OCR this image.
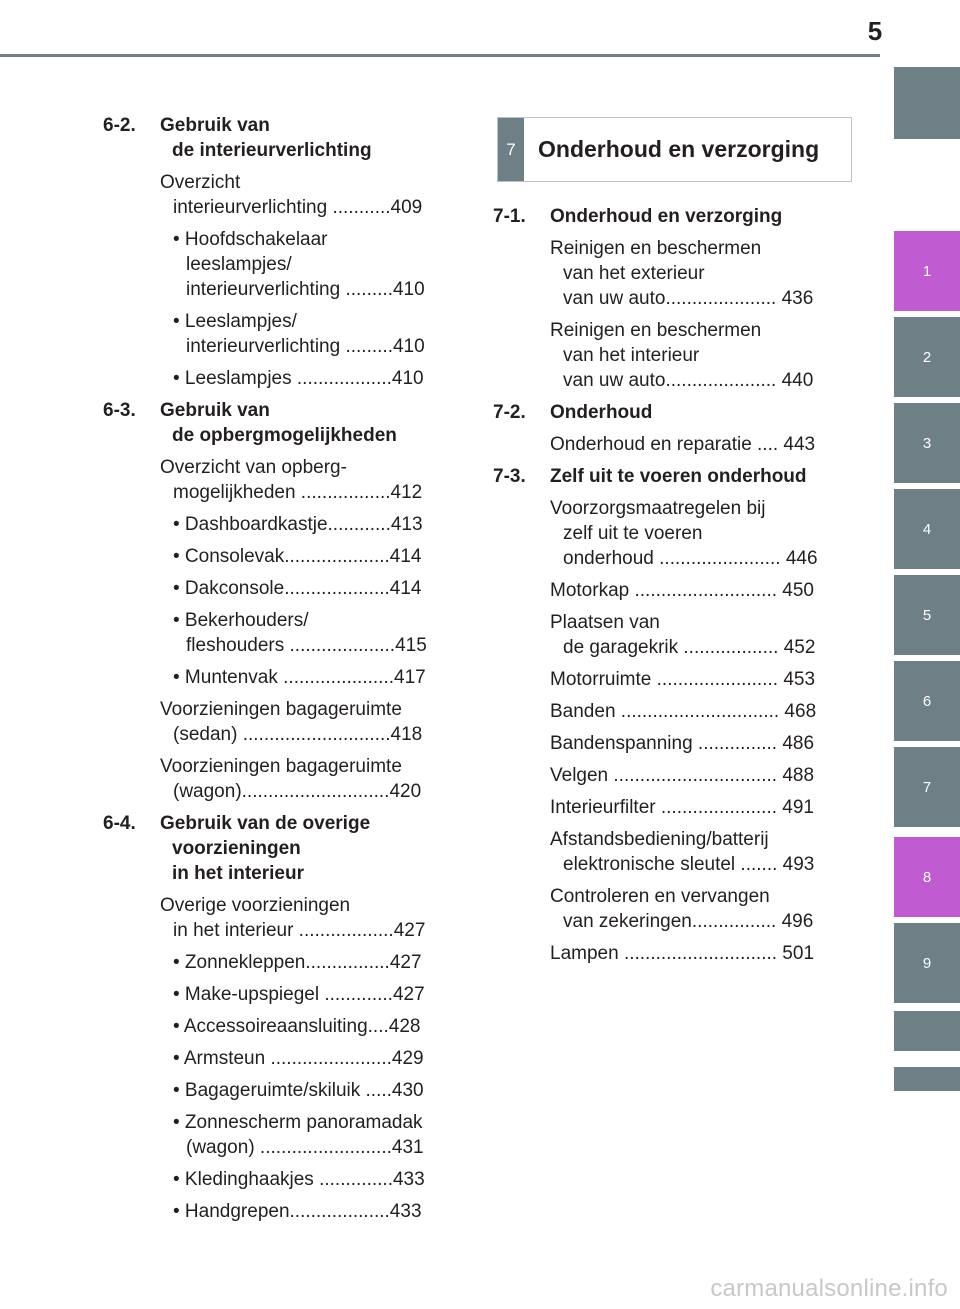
5
1
2
3
4
5
6
7
8
9
6-2. Gebruik van
de interieurverlichting
Overzicht
interieurverlichting ...........409
• Hoofdschakelaar
leeslampjes/
interieurverlichting .........410
• Leeslampjes/
interieurverlichting .........410
• Leeslampjes ..................410
6-3. Gebruik van
de opbergmogelijkheden
Overzicht van opberg-
mogelijkheden .................412
• Dashboardkastje............413
• Consolevak....................414
• Dakconsole....................414
• Bekerhouders/
fleshouders ....................415
• Muntenvak .....................417
Voorzieningen bagageruimte
(sedan) ............................418
Voorzieningen bagageruimte
(wagon)............................420
6-4. Gebruik van de overige
voorzieningen
in het interieur
Overige voorzieningen
in het interieur ..................427
• Zonnekleppen................427
• Make-upspiegel .............427
• Accessoireaansluiting....428
• Armsteun .......................429
• Bagageruimte/skiluik .....430
• Zonnescherm panoramadak
(wagon) .........................431
• Kledinghaakjes ..............433
• Handgrepen...................433
7 Onderhoud en verzorging
7-1. Onderhoud en verzorging
Reinigen en beschermen
van het exterieur
van uw auto..................... 436
Reinigen en beschermen
van het interieur
van uw auto..................... 440
7-2. Onderhoud
Onderhoud en reparatie .... 443
7-3. Zelf uit te voeren onderhoud
Voorzorgsmaatregelen bij
zelf uit te voeren
onderhoud ....................... 446
Motorkap ........................... 450
Plaatsen van
de garagekrik .................. 452
Motorruimte ....................... 453
Banden .............................. 468
Bandenspanning ............... 486
Velgen ............................... 488
Interieurfilter ...................... 491
Afstandsbediening/batterij
elektronische sleutel ....... 493
Controleren en vervangen
van zekeringen................ 496
Lampen ............................. 501
carmanualsonline.info
